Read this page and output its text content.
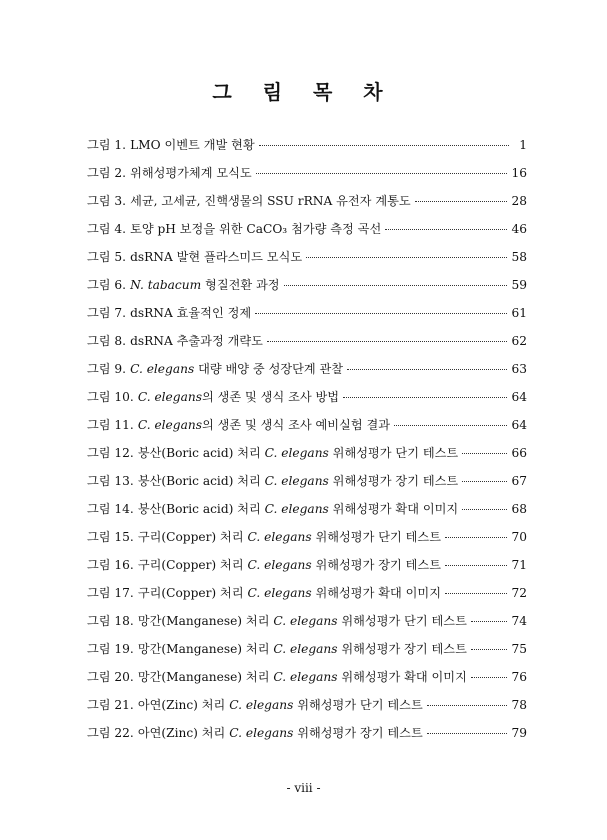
그 림 목 차
그림 1. LMO 이벤트 개발 현황	1
그림 2. 위해성평가체계 모식도	16
그림 3. 세균, 고세균, 진핵생물의 SSU rRNA 유전자 계통도	28
그림 4. 토양 pH 보정을 위한 CaCO₃ 첨가량 측정 곡선	46
그림 5. dsRNA 발현 플라스미드 모식도	58
그림 6. N. tabacum 형질전환 과정	59
그림 7. dsRNA 효율적인 정제	61
그림 8. dsRNA 추출과정 개략도	62
그림 9. C. elegans 대량 배양 중 성장단계 관찰	63
그림 10. C. elegans의 생존 및 생식 조사 방법	64
그림 11. C. elegans의 생존 및 생식 조사 예비실험 결과	64
그림 12. 붕산(Boric acid) 처리 C. elegans 위해성평가 단기 테스트	66
그림 13. 붕산(Boric acid) 처리 C. elegans 위해성평가 장기 테스트	67
그림 14. 붕산(Boric acid) 처리 C. elegans 위해성평가 확대 이미지	68
그림 15. 구리(Copper) 처리 C. elegans 위해성평가 단기 테스트	70
그림 16. 구리(Copper) 처리 C. elegans 위해성평가 장기 테스트	71
그림 17. 구리(Copper) 처리 C. elegans 위해성평가 확대 이미지	72
그림 18. 망간(Manganese) 처리 C. elegans 위해성평가 단기 테스트	74
그림 19. 망간(Manganese) 처리 C. elegans 위해성평가 장기 테스트	75
그림 20. 망간(Manganese) 처리 C. elegans 위해성평가 확대 이미지	76
그림 21. 아연(Zinc) 처리 C. elegans 위해성평가 단기 테스트	78
그림 22. 아연(Zinc) 처리 C. elegans 위해성평가 장기 테스트	79
- viii -
